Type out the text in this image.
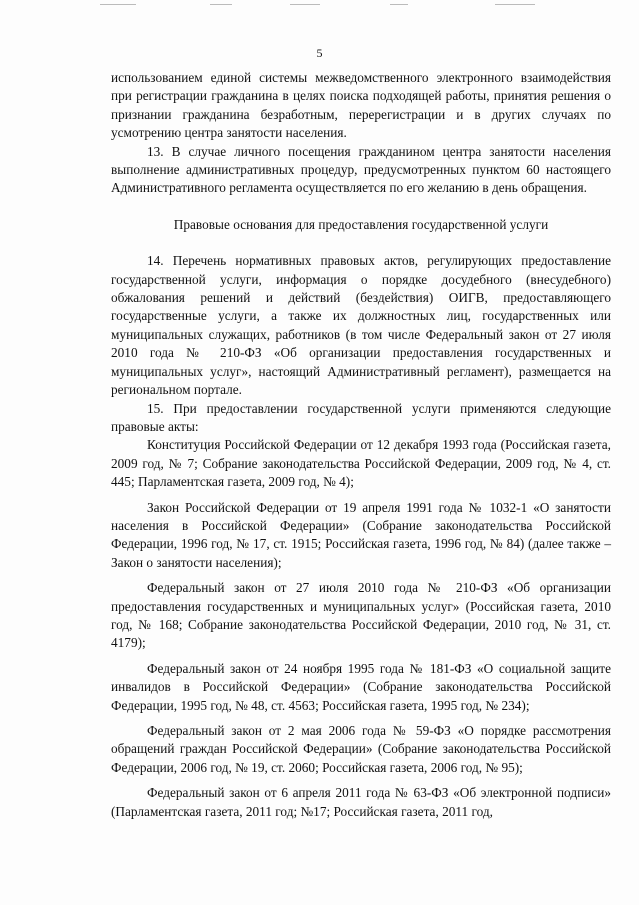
5

использованием единой системы межведомственного электронного взаимодействия при регистрации гражданина в целях поиска подходящей работы, принятия решения о признании гражданина безработным, перерегистрации и в других случаях по усмотрению центра занятости населения.

13. В случае личного посещения гражданином центра занятости населения выполнение административных процедур, предусмотренных пунктом 60 настоящего Административного регламента осуществляется по его желанию в день обращения.

Правовые основания для предоставления государственной услуги

14. Перечень нормативных правовых актов, регулирующих предоставление государственной услуги, информация о порядке досудебного (внесудебного) обжалования решений и действий (бездействия) ОИГВ, предоставляющего государственные услуги, а также их должностных лиц, государственных или муниципальных служащих, работников (в том числе Федеральный закон от 27 июля 2010 года № 210-ФЗ «Об организации предоставления государственных и муниципальных услуг», настоящий Административный регламент), размещается на региональном портале.

15. При предоставлении государственной услуги применяются следующие правовые акты:

Конституция Российской Федерации от 12 декабря 1993 года (Российская газета, 2009 год, № 7; Собрание законодательства Российской Федерации, 2009 год, № 4, ст. 445; Парламентская газета, 2009 год, № 4);

Закон Российской Федерации от 19 апреля 1991 года № 1032-1 «О занятости населения в Российской Федерации» (Собрание законодательства Российской Федерации, 1996 год, № 17, ст. 1915; Российская газета, 1996 год, № 84) (далее также – Закон о занятости населения);

Федеральный закон от 27 июля 2010 года № 210-ФЗ «Об организации предоставления государственных и муниципальных услуг» (Российская газета, 2010 год, № 168; Собрание законодательства Российской Федерации, 2010 год, № 31, ст. 4179);

Федеральный закон от 24 ноября 1995 года № 181-ФЗ «О социальной защите инвалидов в Российской Федерации» (Собрание законодательства Российской Федерации, 1995 год, № 48, ст. 4563; Российская газета, 1995 год, № 234);

Федеральный закон от 2 мая 2006 года № 59-ФЗ «О порядке рассмотрения обращений граждан Российской Федерации» (Собрание законодательства Российской Федерации, 2006 год, № 19, ст. 2060; Российская газета, 2006 год, № 95);

Федеральный закон от 6 апреля 2011 года № 63-ФЗ «Об электронной подписи» (Парламентская газета, 2011 год; №17; Российская газета, 2011 год,
